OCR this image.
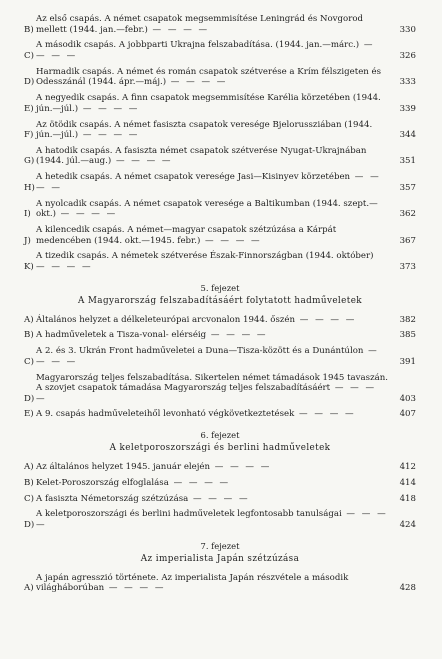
B)
Az első csapás. A német csapatok megsemmisítése Leningrád és Novgorod mellett (1944. jan.—febr.) — — — —	330
C)
A második csapás. A jobbparti Ukrajna felszabadítása. (1944. jan.—márc.) — — — —	326
D)
Harmadik csapás. A német és román csapatok szétverése a Krím félszigeten és Odesszánál (1944. ápr.—máj.) — — — —	333
E)
A negyedik csapás. A finn csapatok megsemmisítése Karélia körzetében (1944. jún.—júl.) — — — —	339
F)
Az ötödik csapás. A német fasiszta csapatok veresége Bjelorussziában (1944. jún.—júl.) — — — —	344
G)
A hatodik csapás. A fasiszta német csapatok szétverése Nyugat-Ukrajnában (1944. júl.—aug.) — — — —	351
H)
A hetedik csapás. A német csapatok veresége Jasi—Kisinyev körzetében — — — —	357
I)
A nyolcadik csapás. A német csapatok veresége a Baltikumban (1944. szept.—okt.) — — — —	362
J)
A kilencedik csapás. A német—magyar csapatok szétzúzása a Kárpát medencében (1944. okt.—1945. febr.) — — — —	367
K)
A tizedik csapás. A németek szétverése Észak-Finnországban (1944. október) — — — —	373
5. fejezet
A Magyarország felszabadításáért folytatott hadműveletek
A) Általános helyzet a délkeleteurópai arcvonalon 1944. őszén — — — —	382
B) A hadműveletek a Tisza-vonal- elérséig — — — —	385
C)
A 2. és 3. Ukrán Front hadműveletei a Duna—Tisza-között és a Dunántúlon — — — —	391
D)
Magyarország teljes felszabadítása. Sikertelen német támadások 1945 tavaszán. A szovjet csapatok támadása Magyarország teljes felszabadításáért — — — —	403
E) A 9. csapás hadműveleteihől levonható végkövetkeztetések — — — —	407
6. fejezet
A keletporoszországi és berlini hadműveletek
A) Az általános helyzet 1945. január elején — — — —	412
B) Kelet-Poroszország elfoglalása — — — —	414
C) A fasiszta Németország szétzúzása — — — —	418
D)
A keletporoszországi és berlini hadműveletek legfontosabb tanulságai — — — —	424
7. fejezet
Az imperialista Japán szétzúzása
A)
A japán agresszió története. Az imperialista Japán részvétele a második világháborúban — — — —	428
